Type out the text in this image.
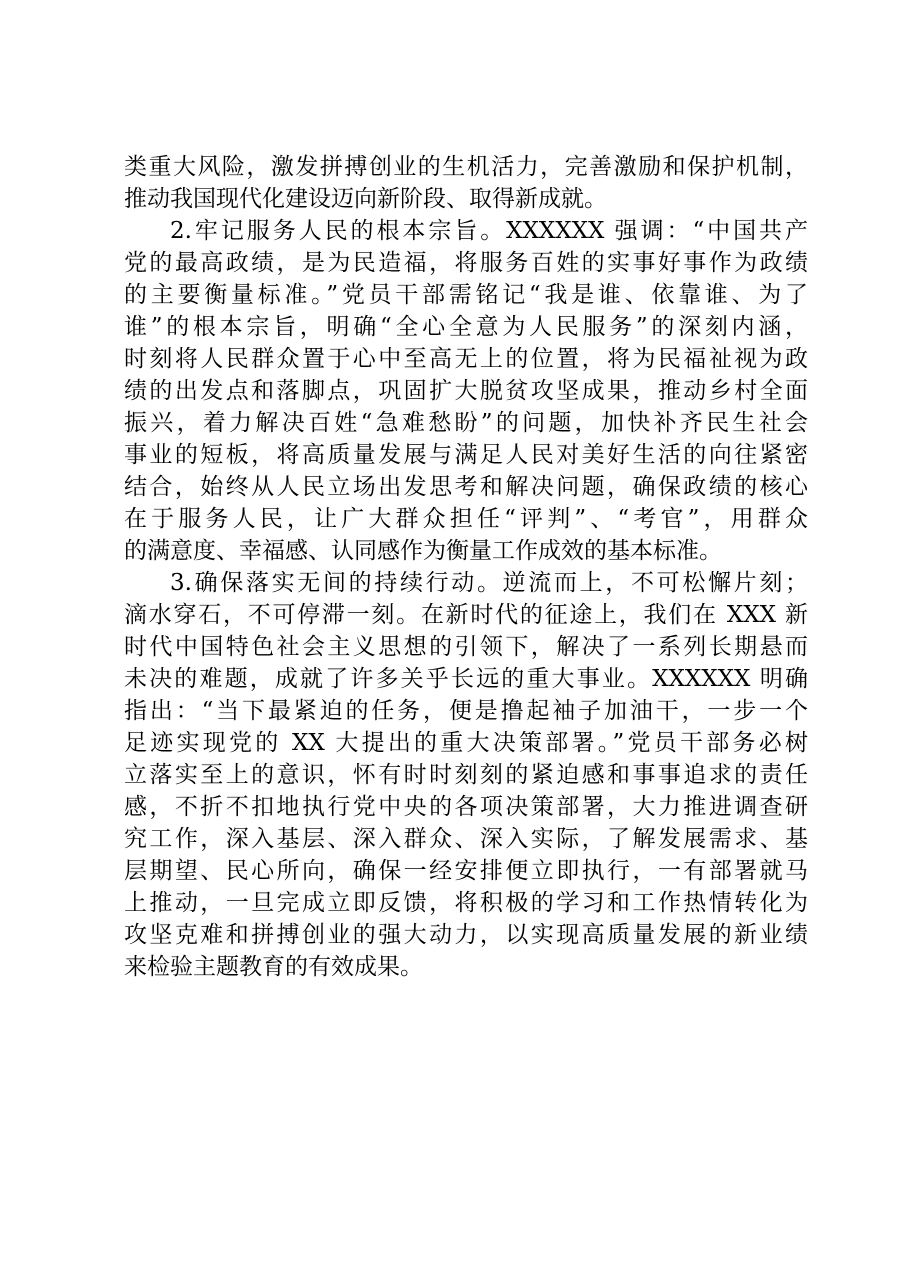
类重大风险，激发拼搏创业的生机活力，完善激励和保护机制，
推动我国现代化建设迈向新阶段、取得新成就。
2.牢记服务人民的根本宗旨。XXXXXX 强调：“中国共产
党的最高政绩，是为民造福，将服务百姓的实事好事作为政绩
的主要衡量标准。”党员干部需铭记“我是谁、依靠谁、为了
谁”的根本宗旨，明确“全心全意为人民服务”的深刻内涵，
时刻将人民群众置于心中至高无上的位置，将为民福祉视为政
绩的出发点和落脚点，巩固扩大脱贫攻坚成果，推动乡村全面
振兴，着力解决百姓“急难愁盼”的问题，加快补齐民生社会
事业的短板，将高质量发展与满足人民对美好生活的向往紧密
结合，始终从人民立场出发思考和解决问题，确保政绩的核心
在于服务人民，让广大群众担任“评判”、“考官”，用群众
的满意度、幸福感、认同感作为衡量工作成效的基本标准。
3.确保落实无间的持续行动。逆流而上，不可松懈片刻；
滴水穿石，不可停滞一刻。在新时代的征途上，我们在 XXX 新
时代中国特色社会主义思想的引领下，解决了一系列长期悬而
未决的难题，成就了许多关乎长远的重大事业。XXXXXX 明确
指出：“当下最紧迫的任务，便是撸起袖子加油干，一步一个
足迹实现党的 XX 大提出的重大决策部署。”党员干部务必树
立落实至上的意识，怀有时时刻刻的紧迫感和事事追求的责任
感，不折不扣地执行党中央的各项决策部署，大力推进调查研
究工作，深入基层、深入群众、深入实际，了解发展需求、基
层期望、民心所向，确保一经安排便立即执行，一有部署就马
上推动，一旦完成立即反馈，将积极的学习和工作热情转化为
攻坚克难和拼搏创业的强大动力，以实现高质量发展的新业绩
来检验主题教育的有效成果。
